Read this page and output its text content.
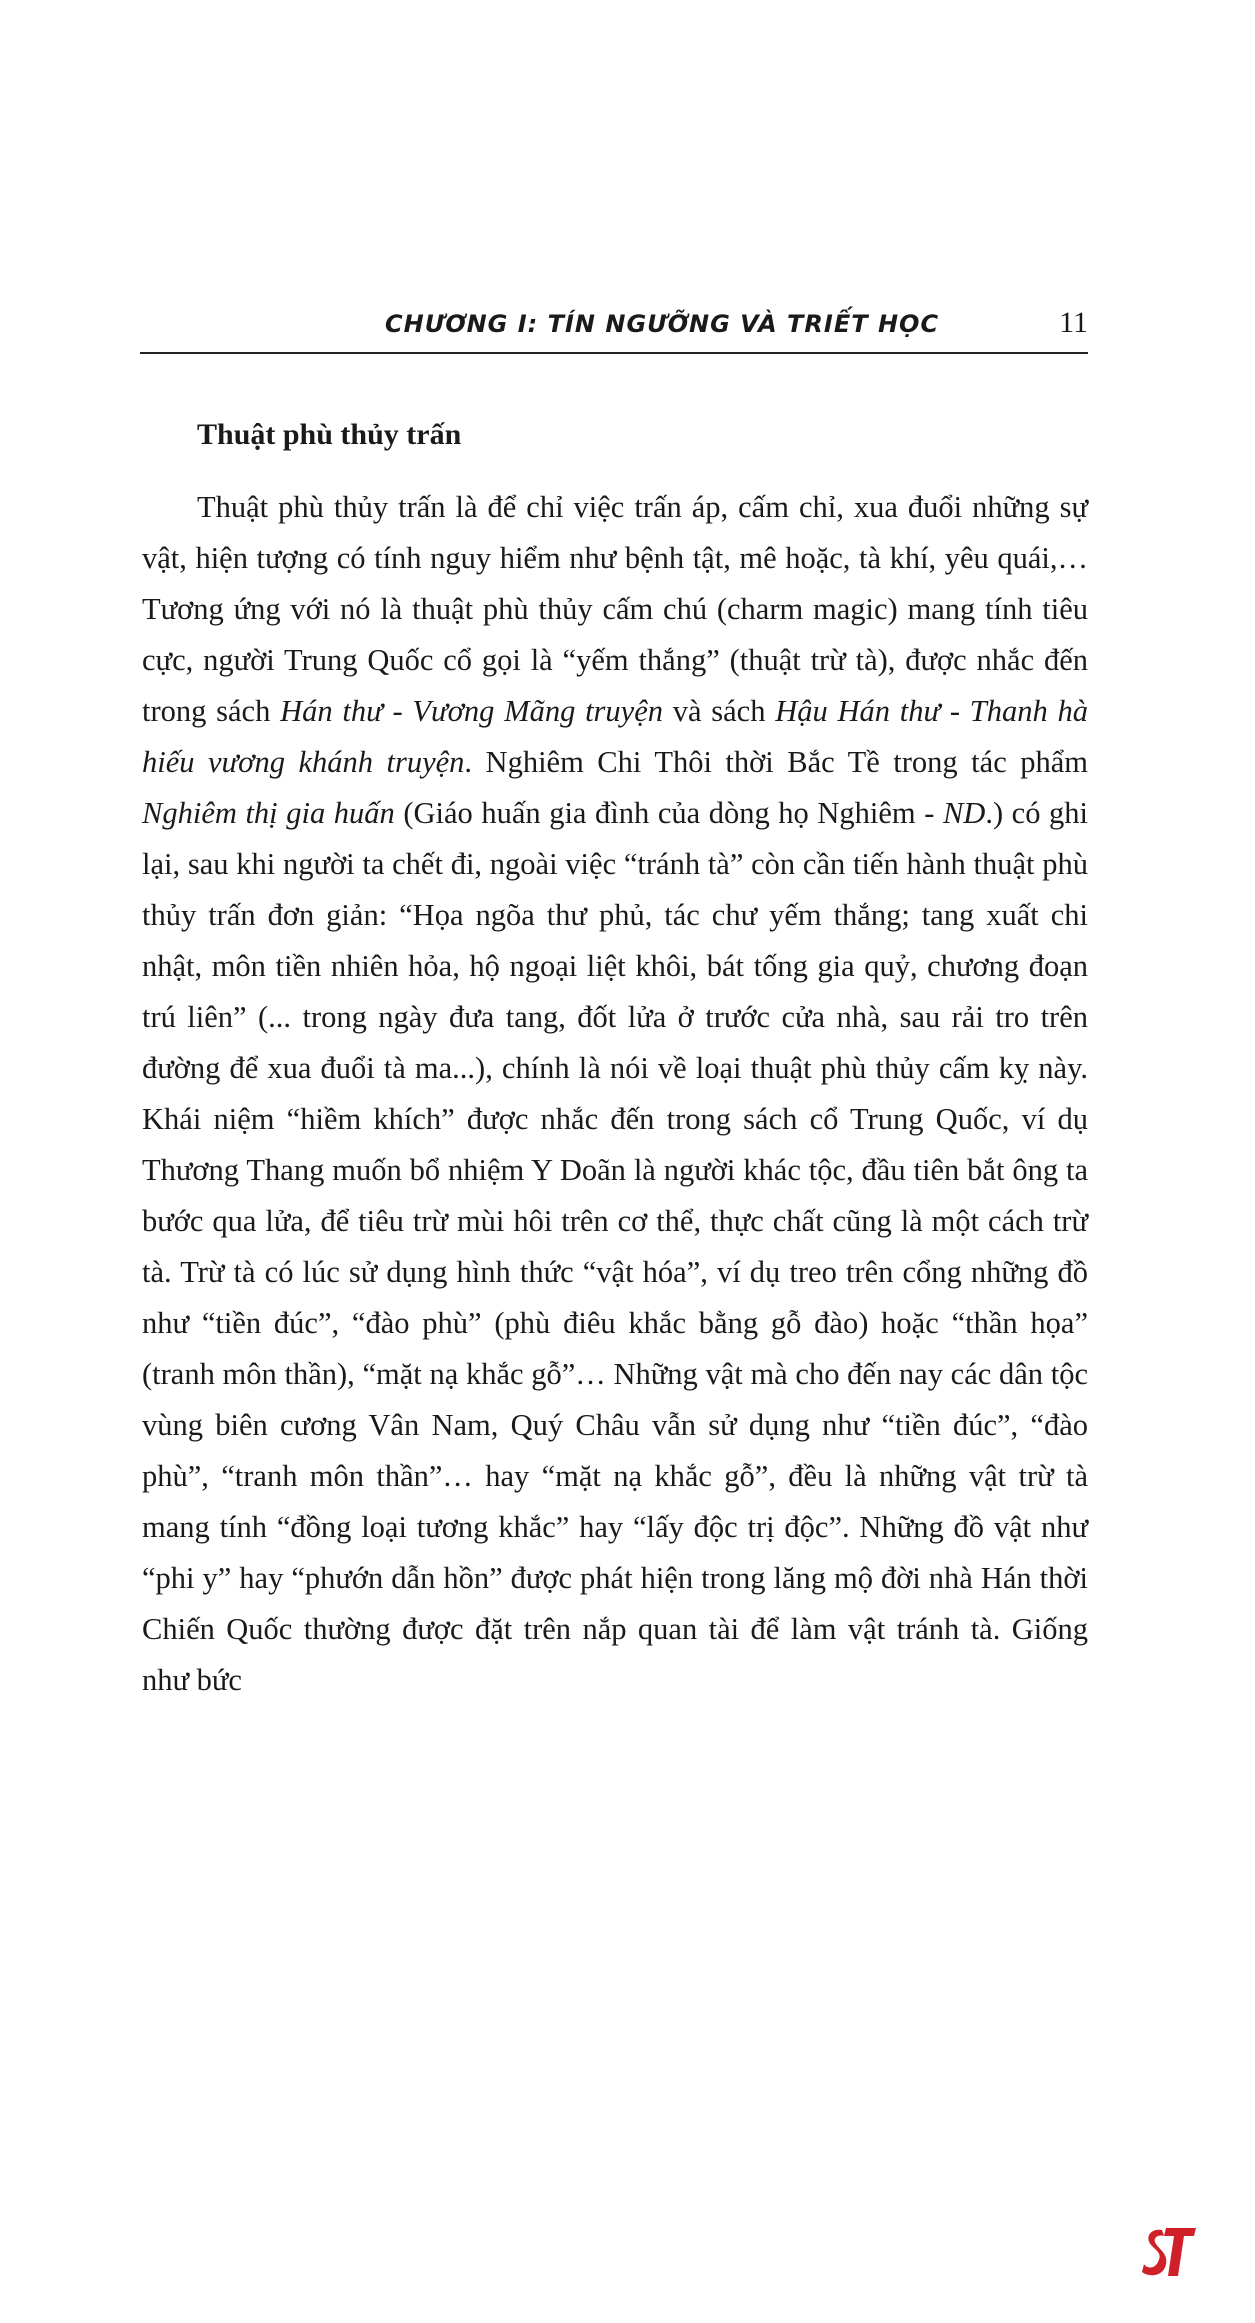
CHƯƠNG I: TÍN NGƯỠNG VÀ TRIẾT HỌC	11
Thuật phù thủy trấn

Thuật phù thủy trấn là để chỉ việc trấn áp, cấm chỉ, xua đuổi những sự vật, hiện tượng có tính nguy hiểm như bệnh tật, mê hoặc, tà khí, yêu quái,… Tương ứng với nó là thuật phù thủy cấm chú (charm magic) mang tính tiêu cực, người Trung Quốc cổ gọi là “yếm thắng” (thuật trừ tà), được nhắc đến trong sách Hán thư - Vương Mãng truyện và sách Hậu Hán thư - Thanh hà hiếu vương khánh truyện. Nghiêm Chi Thôi thời Bắc Tề trong tác phẩm Nghiêm thị gia huấn (Giáo huấn gia đình của dòng họ Nghiêm - ND.) có ghi lại, sau khi người ta chết đi, ngoài việc “tránh tà” còn cần tiến hành thuật phù thủy trấn đơn giản: “Họa ngõa thư phủ, tác chư yếm thắng; tang xuất chi nhật, môn tiền nhiên hỏa, hộ ngoại liệt khôi, bát tống gia quỷ, chương đoạn trú liên” (... trong ngày đưa tang, đốt lửa ở trước cửa nhà, sau rải tro trên đường để xua đuổi tà ma...), chính là nói về loại thuật phù thủy cấm kỵ này. Khái niệm “hiềm khích” được nhắc đến trong sách cổ Trung Quốc, ví dụ Thương Thang muốn bổ nhiệm Y Doãn là người khác tộc, đầu tiên bắt ông ta bước qua lửa, để tiêu trừ mùi hôi trên cơ thể, thực chất cũng là một cách trừ tà. Trừ tà có lúc sử dụng hình thức “vật hóa”, ví dụ treo trên cổng những đồ như “tiền đúc”, “đào phù” (phù điêu khắc bằng gỗ đào) hoặc “thần họa” (tranh môn thần), “mặt nạ khắc gỗ”… Những vật mà cho đến nay các dân tộc vùng biên cương Vân Nam, Quý Châu vẫn sử dụng như “tiền đúc”, “đào phù”, “tranh môn thần”… hay “mặt nạ khắc gỗ”, đều là những vật trừ tà mang tính “đồng loại tương khắc” hay “lấy độc trị độc”. Những đồ vật như “phi y” hay “phướn dẫn hồn” được phát hiện trong lăng mộ đời nhà Hán thời Chiến Quốc thường được đặt trên nắp quan tài để làm vật tránh tà. Giống như bức
